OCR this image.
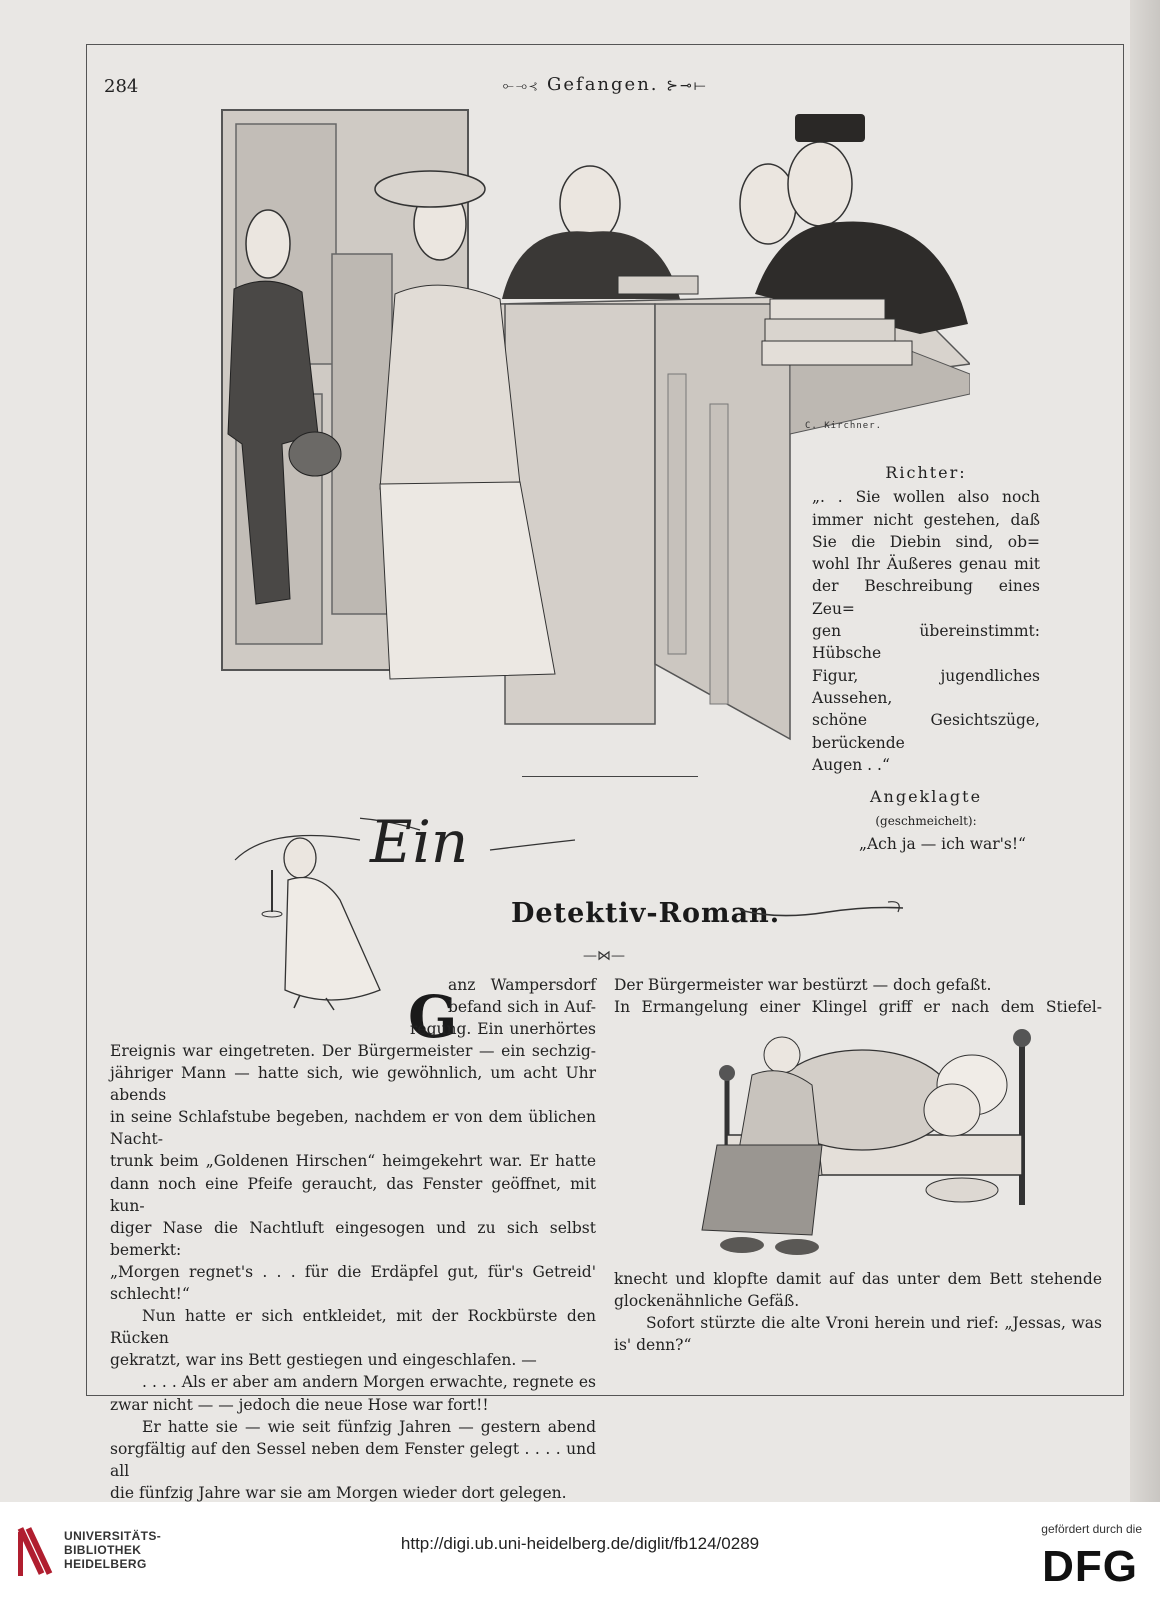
284	⟜⊸⊰ Gefangen. ⊱⊸⟝
C. Kirchner.
Richter:
„. . Sie wollen also noch
immer nicht gestehen, daß
Sie die Diebin sind, ob=
wohl Ihr Äußeres genau mit
der Beschreibung eines Zeu=
gen übereinstimmt: Hübsche
Figur, jugendliches Aussehen,
schöne Gesichtszüge, berückende
Augen . .“
Angeklagte
(geschmeichelt):
„Ach ja — ich war's!“
Ein
Detektiv-Roman.
—⋈—
G

anz Wampersdorf

befand sich in Auf-

regung. Ein unerhörtes

Ereignis war eingetreten. Der Bürgermeister — ein sechzig-

jähriger Mann — hatte sich, wie gewöhnlich, um acht Uhr abends

in seine Schlafstube begeben, nachdem er von dem üblichen Nacht-

trunk beim „Goldenen Hirschen“ heimgekehrt war. Er hatte

dann noch eine Pfeife geraucht, das Fenster geöffnet, mit kun-

diger Nase die Nachtluft eingesogen und zu sich selbst bemerkt:

„Morgen regnet's . . . für die Erdäpfel gut, für's Getreid' schlecht!“

Nun hatte er sich entkleidet, mit der Rockbürste den Rücken

gekratzt, war ins Bett gestiegen und eingeschlafen. —

. . . . Als er aber am andern Morgen erwachte, regnete es

zwar nicht — — jedoch die neue Hose war fort!!

Er hatte sie — wie seit fünfzig Jahren — gestern abend

sorgfältig auf den Sessel neben dem Fenster gelegt . . . . und all

die fünfzig Jahre war sie am Morgen wieder dort gelegen.

Der Bürgermeister war bestürzt — doch gefaßt.

In Ermangelung einer Klingel griff er nach dem Stiefel-

knecht und klopfte damit auf das unter dem Bett stehende

glockenähnliche Gefäß.

Sofort stürzte die alte Vroni herein und rief: „Jessas, was

is' denn?“

UNIVERSITÄTS-
BIBLIOTHEK
HEIDELBERG
http://digi.ub.uni-heidelberg.de/diglit/fb124/0289
gefördert durch die
DFG
